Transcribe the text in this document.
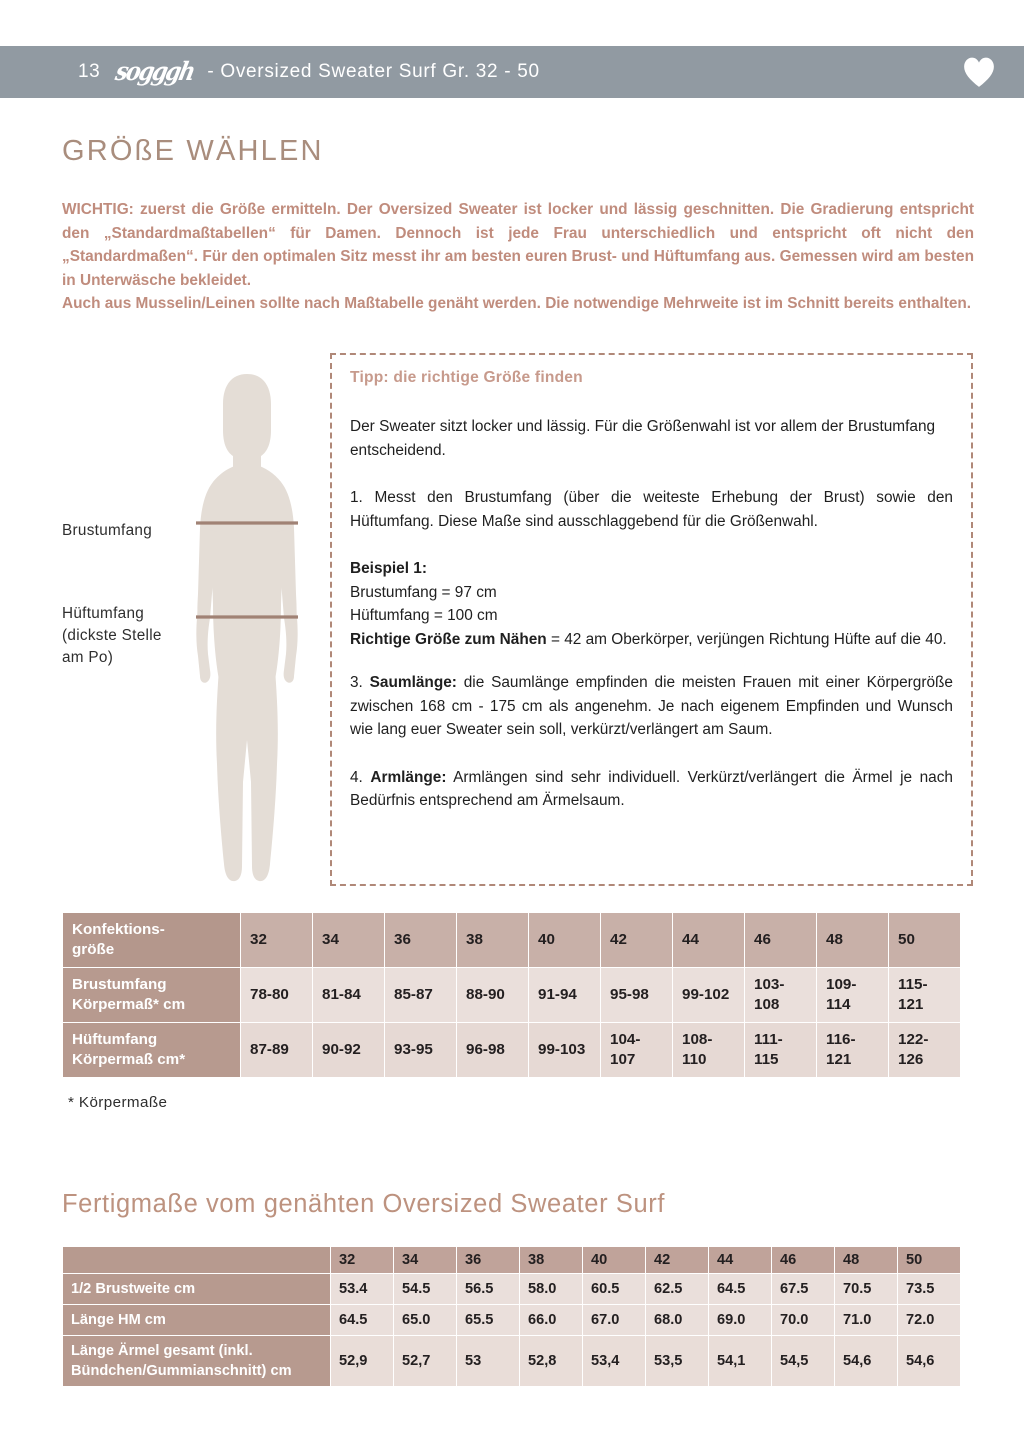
13 sogggh - Oversized Sweater Surf Gr. 32 - 50
GRÖßE WÄHLEN
WICHTIG: zuerst die Größe ermitteln. Der Oversized Sweater ist locker und lässig geschnitten. Die Gradierung entspricht den „Standardmaßtabellen“ für Damen. Dennoch ist jede Frau unterschiedlich und entspricht oft nicht den „Standardmaßen“. Für den optimalen Sitz messt ihr am besten euren Brust- und Hüftumfang aus. Gemessen wird am besten in Unterwäsche bekleidet.
Auch aus Musselin/Leinen sollte nach Maßtabelle genäht werden. Die notwendige Mehrweite ist im Schnitt bereits enthalten.
Brustumfang
Hüftumfang
(dickste Stelle
am Po)
Tipp: die richtige Größe finden

Der Sweater sitzt locker und lässig. Für die Größenwahl ist vor allem der Brustumfang entscheidend.

1. Messt den Brustumfang (über die weiteste Erhebung der Brust) sowie den Hüftumfang. Diese Maße sind ausschlaggebend für die Größenwahl.

Beispiel 1:
Brustumfang = 97 cm
Hüftumfang = 100 cm
Richtige Größe zum Nähen = 42 am Oberkörper, verjüngen Richtung Hüfte auf die 40.

3. Saumlänge: die Saumlänge empfinden die meisten Frauen mit einer Körpergröße zwischen 168 cm - 175 cm als angenehm. Je nach eigenem Empfinden und Wunsch wie lang euer Sweater sein soll, verkürzt/verlängert am Saum.

4. Armlänge: Armlängen sind sehr individuell. Verkürzt/verlängert die Ärmel je nach Bedürfnis entsprechend am Ärmelsaum.

Konfektions-
größe	32	34	36	38	40	42	44	46	48	50

Brustumfang
Körpermaß* cm	78-80	81-84	85-87	88-90	91-94	95-98	99-102	103-108	109-114	115-121

Hüftumfang
Körpermaß cm*	87-89	90-92	93-95	96-98	99-103	104-107	108-110	111-115	116-121	122-126
* Körpermaße
Fertigmaße vom genähten Oversized Sweater Surf
	32	34	36	38	40	42	44	46	48	50
1/2 Brustweite cm	53.4	54.5	56.5	58.0	60.5	62.5	64.5	67.5	70.5	73.5
Länge HM cm	64.5	65.0	65.5	66.0	67.0	68.0	69.0	70.0	71.0	72.0

Länge Ärmel gesamt (inkl.
Bündchen/Gummianschnitt) cm	52,9	52,7	53	52,8	53,4	53,5	54,1	54,5	54,6	54,6
